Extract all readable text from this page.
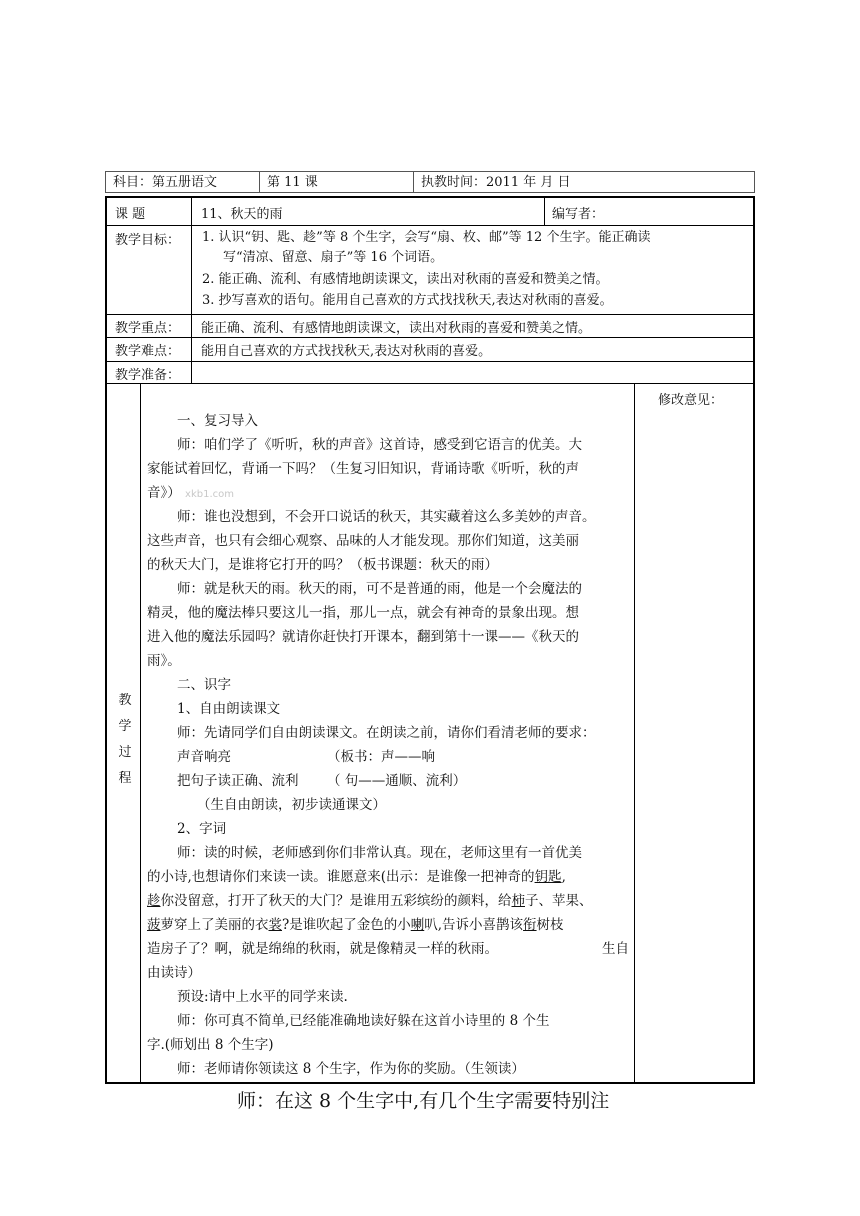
科目：第五册语文	第 11 课	执教时间：2011 年 月 日
课 题	11、秋天的雨	编写者：
教学目标： 1. 认识“钥、匙、趁”等 8 个生字，会写“扇、枚、邮”等 12 个生字。能正确读
写“清凉、留意、扇子”等 16 个词语。
2. 能正确、流利、有感情地朗读课文，读出对秋雨的喜爱和赞美之情。
3. 抄写喜欢的语句。能用自己喜欢的方式找找秋天,表达对秋雨的喜爱。
教学重点： 能正确、流利、有感情地朗读课文，读出对秋雨的喜爱和赞美之情。
教学难点： 能用自己喜欢的方式找找秋天,表达对秋雨的喜爱。
教学准备：
教
学
过
程
修改意见：
一、复习导入
师：咱们学了《听听，秋的声音》这首诗，感受到它语言的优美。大
家能试着回忆，背诵一下吗？（生复习旧知识，背诵诗歌《听听，秋的声
音》） xkb1.com
师：谁也没想到，不会开口说话的秋天，其实藏着这么多美妙的声音。
这些声音，也只有会细心观察、品味的人才能发现。那你们知道，这美丽
的秋天大门，是谁将它打开的吗？（板书课题：秋天的雨）
师：就是秋天的雨。秋天的雨，可不是普通的雨，他是一个会魔法的
精灵，他的魔法棒只要这儿一指，那儿一点，就会有神奇的景象出现。想
进入他的魔法乐园吗？就请你赶快打开课本，翻到第十一课——《秋天的
雨》。
二、识字
1、自由朗读课文
师：先请同学们自由朗读课文。在朗读之前，请你们看清老师的要求：
声音响亮	（板书：声——响
把句子读正确、流利 （ 句——通顺、流利）
（生自由朗读，初步读通课文）
2、字词
师：读的时候，老师感到你们非常认真。现在，老师这里有一首优美
的小诗,也想请你们来读一读。谁愿意来(出示：是谁像一把神奇的钥匙,
趁你没留意，打开了秋天的大门？是谁用五彩缤纷的颜料，给柿子、苹果、
菠萝穿上了美丽的衣裳?是谁吹起了金色的小喇叭,告诉小喜鹊该衔树枝
造房子了？啊，就是绵绵的秋雨，就是像精灵一样的秋雨。	生自
由读诗）
预设:请中上水平的同学来读.
师：你可真不简单,已经能准确地读好躲在这首小诗里的 8 个生
字.(师划出 8 个生字)
师：老师请你领读这 8 个生字，作为你的奖励。（生领读）
师：在这 8 个生字中,有几个生字需要特别注
